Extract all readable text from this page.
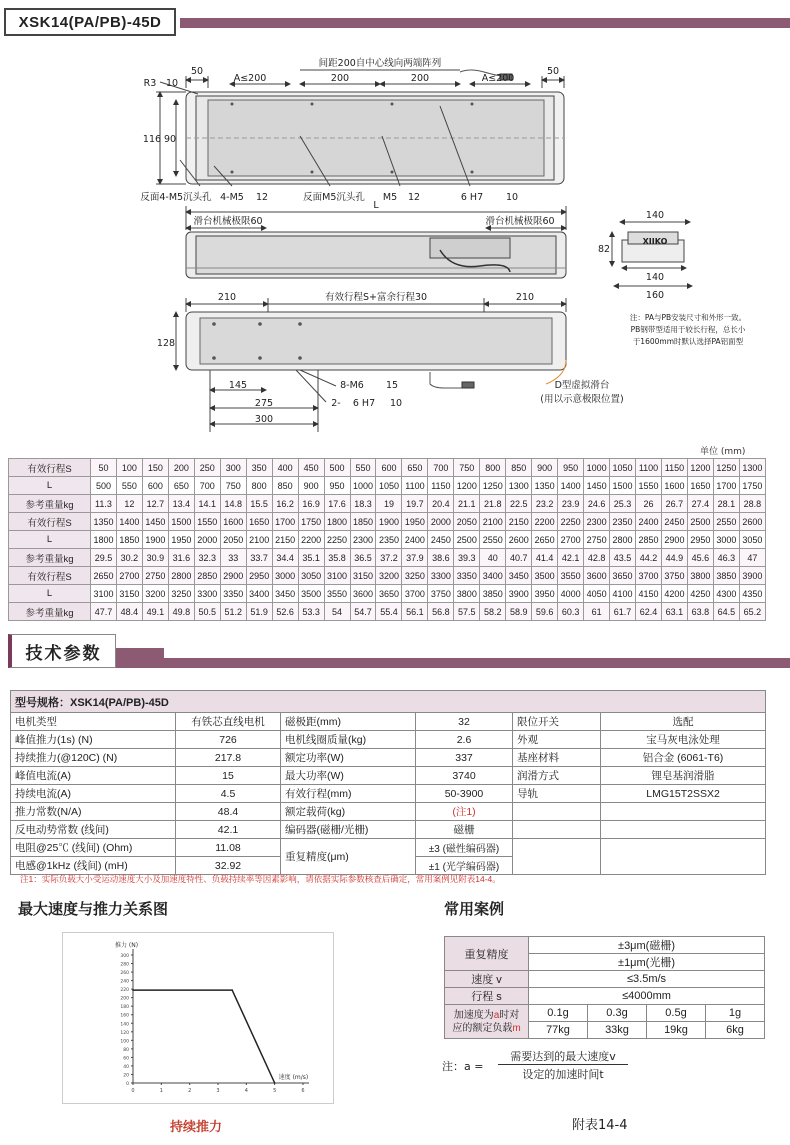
XSK14(PA/PB)-45D
间距200自中心线向两端阵列
50	50
A≤200	A≤200
200	200
R3 10
116 90
反面4-M5沉头孔 4-M5 12	反面M5沉头孔 M5 12	6 H7 10
L
滑台机械极限60	滑台机械极限60
140
140
160
82
210	210
有效行程S+富余行程30
128
145
275
300
8-M6 15
2- 6 H7 10
D型虚拟滑台
(用以示意极限位置)
注：PA与PB安装尺寸和外形一致。
PB钢带型适用于较长行程，总长小
于1600mm时默认选择PA铝面型
XIIKO
单位 (mm)
有效行程S	50	100	150	200	250	300	350	400	450	500	550	600	650	700	750	800	850	900	950	1000	1050	1100	1150	1200	1250	1300
L	500	550	600	650	700	750	800	850	900	950	1000	1050	1100	1150	1200	1250	1300	1350	1400	1450	1500	1550	1600	1650	1700	1750
参考重量kg	11.3	12	12.7	13.4	14.1	14.8	15.5	16.2	16.9	17.6	18.3	19	19.7	20.4	21.1	21.8	22.5	23.2	23.9	24.6	25.3	26	26.7	27.4	28.1	28.8
有效行程S	1350	1400	1450	1500	1550	1600	1650	1700	1750	1800	1850	1900	1950	2000	2050	2100	2150	2200	2250	2300	2350	2400	2450	2500	2550	2600
L	1800	1850	1900	1950	2000	2050	2100	2150	2200	2250	2300	2350	2400	2450	2500	2550	2600	2650	2700	2750	2800	2850	2900	2950	3000	3050
参考重量kg	29.5	30.2	30.9	31.6	32.3	33	33.7	34.4	35.1	35.8	36.5	37.2	37.9	38.6	39.3	40	40.7	41.4	42.1	42.8	43.5	44.2	44.9	45.6	46.3	47
有效行程S	2650	2700	2750	2800	2850	2900	2950	3000	3050	3100	3150	3200	3250	3300	3350	3400	3450	3500	3550	3600	3650	3700	3750	3800	3850	3900
L	3100	3150	3200	3250	3300	3350	3400	3450	3500	3550	3600	3650	3700	3750	3800	3850	3900	3950	4000	4050	4100	4150	4200	4250	4300	4350
参考重量kg	47.7	48.4	49.1	49.8	50.5	51.2	51.9	52.6	53.3	54	54.7	55.4	56.1	56.8	57.5	58.2	58.9	59.6	60.3	61	61.7	62.4	63.1	63.8	64.5	65.2
技术参数
型号规格：XSK14(PA/PB)-45D					
电机类型	有铁芯直线电机	磁极距(mm)	32	限位开关	选配
峰值推力(1s) (N)	726	电机线圈质量(kg)	2.6	外观	宝马灰电泳处理
持续推力(@120C) (N)	217.8	额定功率(W)	337	基座材料	铝合金 (6061-T6)
峰值电流(A)	15	最大功率(W)	3740	润滑方式	锂皂基润滑脂
持续电流(A)	4.5	有效行程(mm)	50-3900	导轨	LMG15T2SSX2
推力常数(N/A)	48.4	额定载荷(kg)	(注1)		
反电动势常数 (线间)	42.1	编码器(磁栅/光栅)	磁栅		
电阻@25℃ (线间) (Ohm)	11.08	重复精度(μm)	±3 (磁性编码器)		
电感@1kHz (线间) (mH)	32.92		±1 (光学编码器)		
注1：实际负载大小受运动速度大小及加速度特性、负载持续率等因素影响，请依据实际参数核查后确定，常用案例见附表14-4。
最大速度与推力关系图	常用案例
0
20
40
60
80
100
120
140
160
180
200
220
240
260
280
300
0	1	2	3	4	5	6
推力 (N)
速度 (m/s)
持续推力
重复精度	±3μm(磁栅)			
	±1μm(光栅)			
速度 v	≤3.5m/s			
行程 s	≤4000mm			
加速度为a时对
应的额定负载m	0.1g	0.3g	0.5g	1g
	77kg	33kg	19kg	6kg
注：a =
需要达到的最大速度v
设定的加速时间t
附表14-4
